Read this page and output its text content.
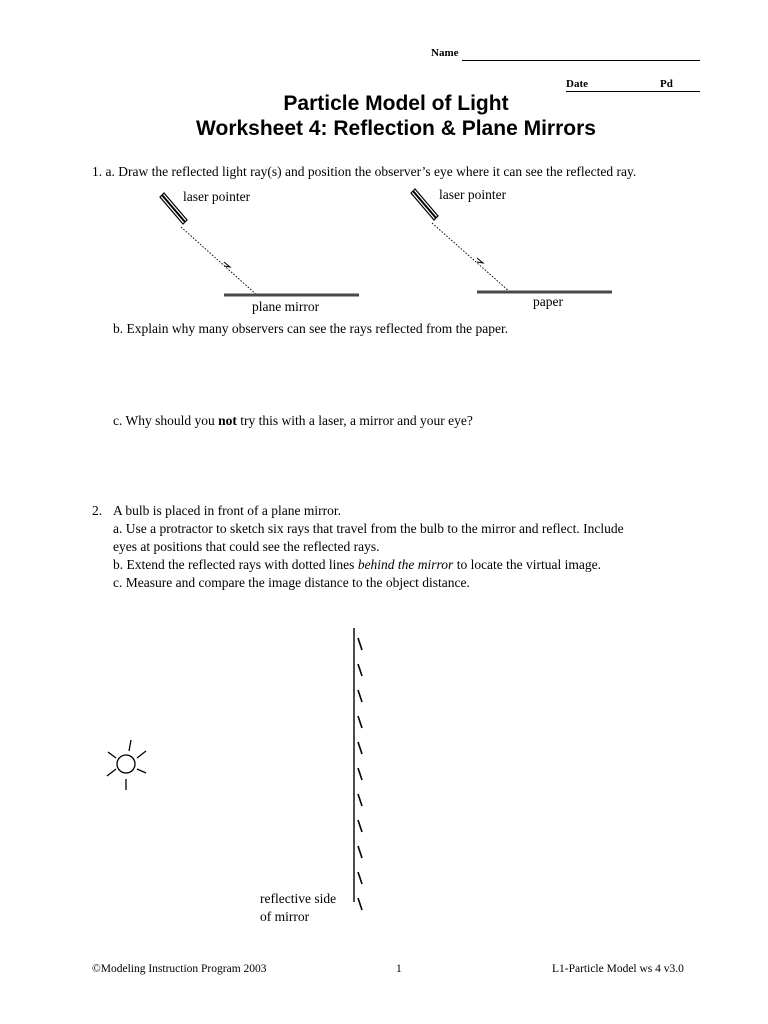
Name
Date	Pd
Particle Model of Light
Worksheet 4: Reflection & Plane Mirrors
1. a. Draw the reflected light ray(s) and position the observer’s eye where it can see the reflected ray.
laser pointer
plane mirror
laser pointer
paper
b. Explain why many observers can see the rays reflected from the paper.
c. Why should you not try this with a laser, a mirror and your eye?
2. A bulb is placed in front of a plane mirror.
a. Use a protractor to sketch six rays that travel from the bulb to the mirror and reflect. Include
eyes at positions that could see the reflected rays.
b. Extend the reflected rays with dotted lines behind the mirror to locate the virtual image.
c. Measure and compare the image distance to the object distance.
reflective side
of mirror
©Modeling Instruction Program 2003	1	L1-Particle Model ws 4 v3.0
